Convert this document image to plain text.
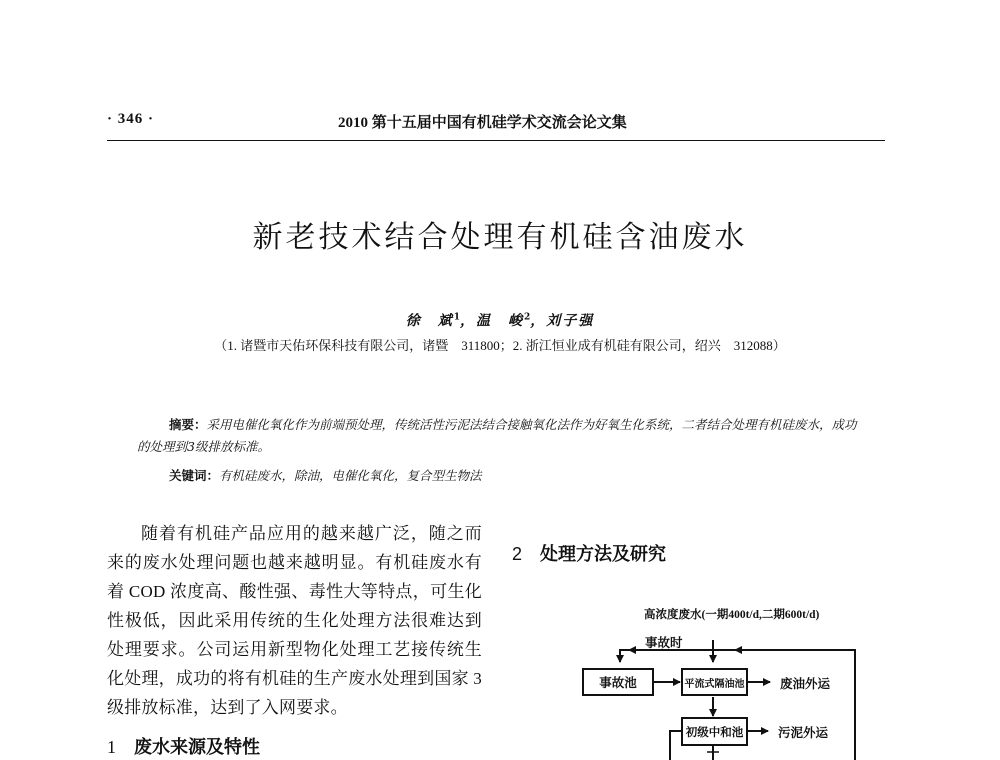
· 346 ·	2010 第十五届中国有机硅学术交流会论文集
新老技术结合处理有机硅含油废水
徐　斌$^1$，温　峻$^2$，刘子强
（1. 诸暨市天佑环保科技有限公司，诸暨　311800；2. 浙江恒业成有机硅有限公司，绍兴　312088）
摘要：采用电催化氧化作为前端预处理，传统活性污泥法结合接触氧化法作为好氧生化系统，二者结合处理有机硅废水，成功的处理到3级排放标准。
关键词：有机硅废水，除油，电催化氧化，复合型生物法

随着有机硅产品应用的越来越广泛，随之而来的废水处理问题也越来越明显。有机硅废水有着 COD 浓度高、酸性强、毒性大等特点，可生化性极低，因此采用传统的生化处理方法很难达到处理要求。公司运用新型物化处理工艺接传统生化处理，成功的将有机硅的生产废水处理到国家 3 级排放标准，达到了入网要求。

1 废水来源及特性
2 处理方法及研究
高浓度废水(一期400t/d,二期600t/d)
事故时
事故池	平流式隔油池	废油外运
初级中和池	污泥外运
